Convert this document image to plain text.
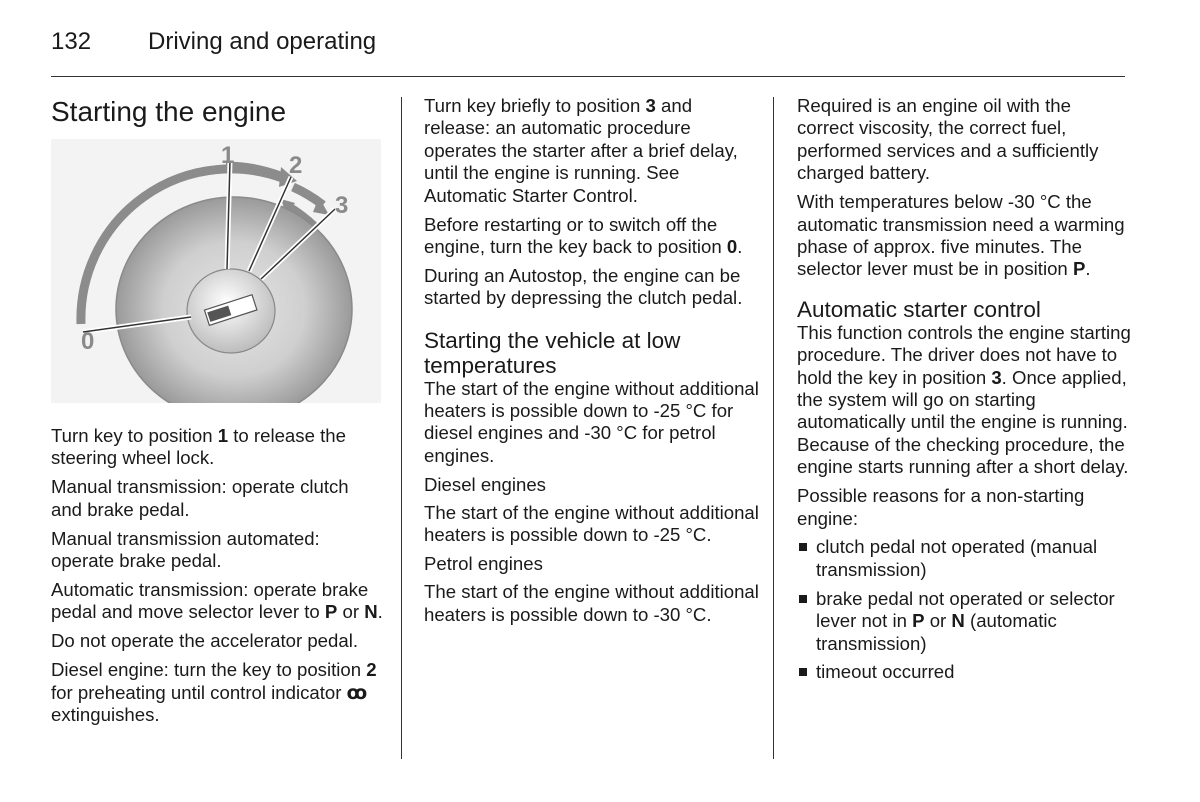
132 Driving and operating
Starting the engine
0
1 2
3

Turn key to position 1 to release the steering wheel lock.

Manual transmission: operate clutch and brake pedal.

Manual transmission automated: operate brake pedal.

Automatic transmission: operate brake pedal and move selector lever to P or N.

Do not operate the accelerator pedal.

Diesel engine: turn the key to position 2 for preheating until control indicator ꝏ extinguishes.

Turn key briefly to position 3 and release: an automatic procedure operates the starter after a brief delay, until the engine is running. See Automatic Starter Control.

Before restarting or to switch off the engine, turn the key back to position 0.

During an Autostop, the engine can be started by depressing the clutch pedal.

Starting the vehicle at low temperatures

The start of the engine without additional heaters is possible down to -25 °C for diesel engines and -30 °C for petrol engines.

Diesel engines

The start of the engine without additional heaters is possible down to -25 °C.

Petrol engines

The start of the engine without additional heaters is possible down to -30 °C.

Required is an engine oil with the correct viscosity, the correct fuel, performed services and a sufficiently charged battery.

With temperatures below -30 °C the automatic transmission need a warming phase of approx. five minutes. The selector lever must be in position P.

Automatic starter control

This function controls the engine starting procedure. The driver does not have to hold the key in position 3. Once applied, the system will go on starting automatically until the engine is running. Because of the checking procedure, the engine starts running after a short delay.

Possible reasons for a non-starting engine:

clutch pedal not operated (manual transmission)
brake pedal not operated or selector lever not in P or N (automatic transmission)
timeout occurred
